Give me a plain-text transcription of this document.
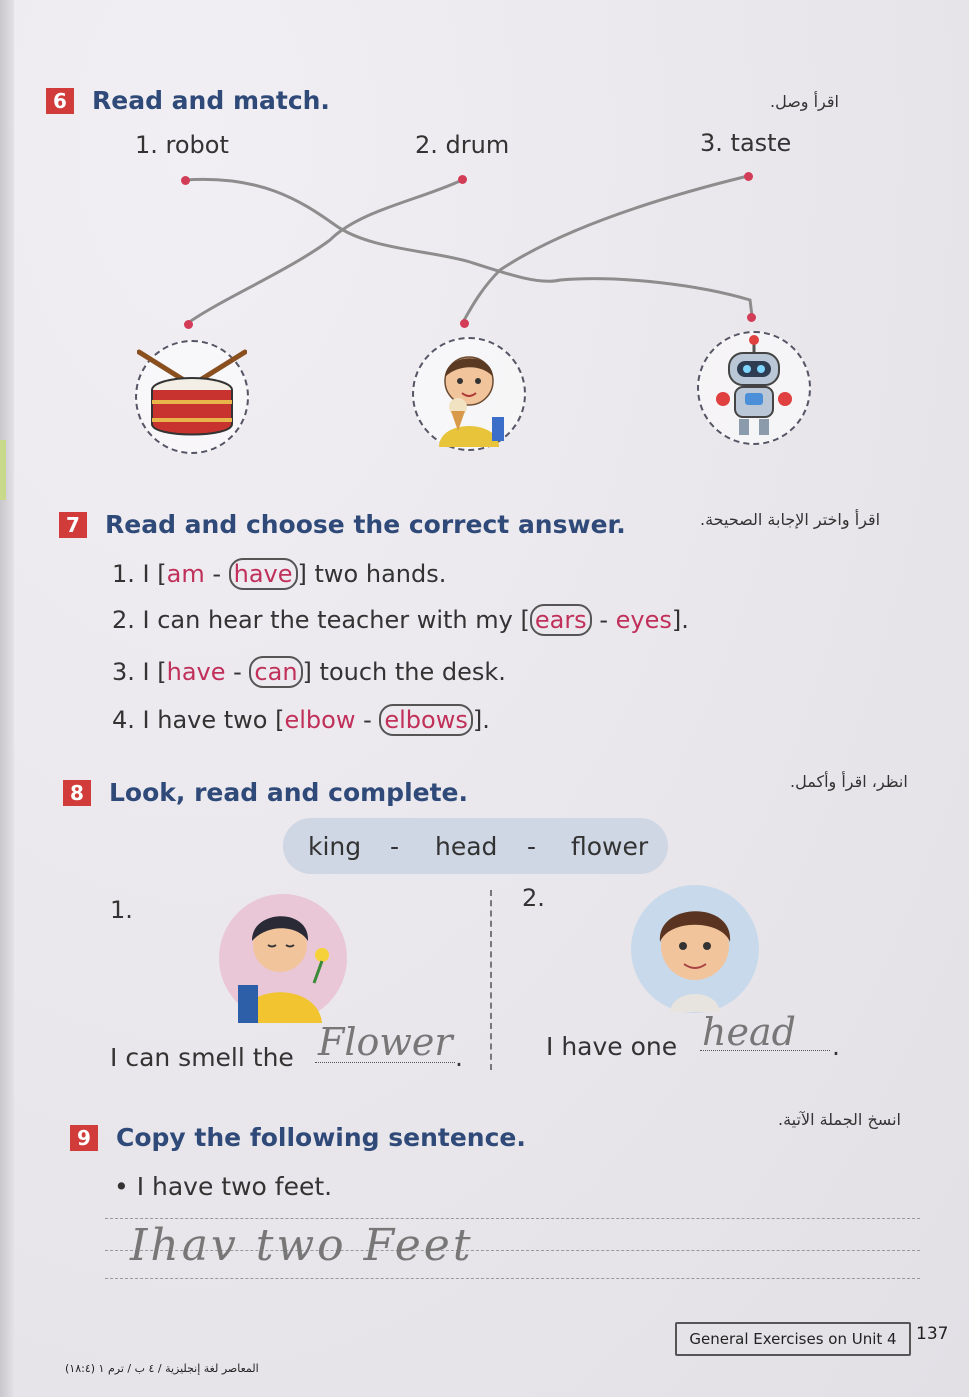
6 Read and match.	اقرأ وصل.
1. robot	2. drum	3. taste
7 Read and choose the correct answer.	اقرأ واختر الإجابة الصحيحة.
1. I [am - have ] two hands.
2. I can hear the teacher with my [ ears - eyes].
3. I [have - can ] touch the desk.
4. I have two [elbow - elbows ].
8 Look, read and complete.	انظر، اقرأ وأكمل.
king - head - flower
1.	2.
I can smell the Flower .	I have one head .
9 Copy the following sentence.
انسخ الجملة الآتية.
• I have two feet.
Ihav two Feet
General Exercises on Unit 4	137
المعاصر لغة إنجليزية / ٤ ب / ترم ١ (١٨:٤)
